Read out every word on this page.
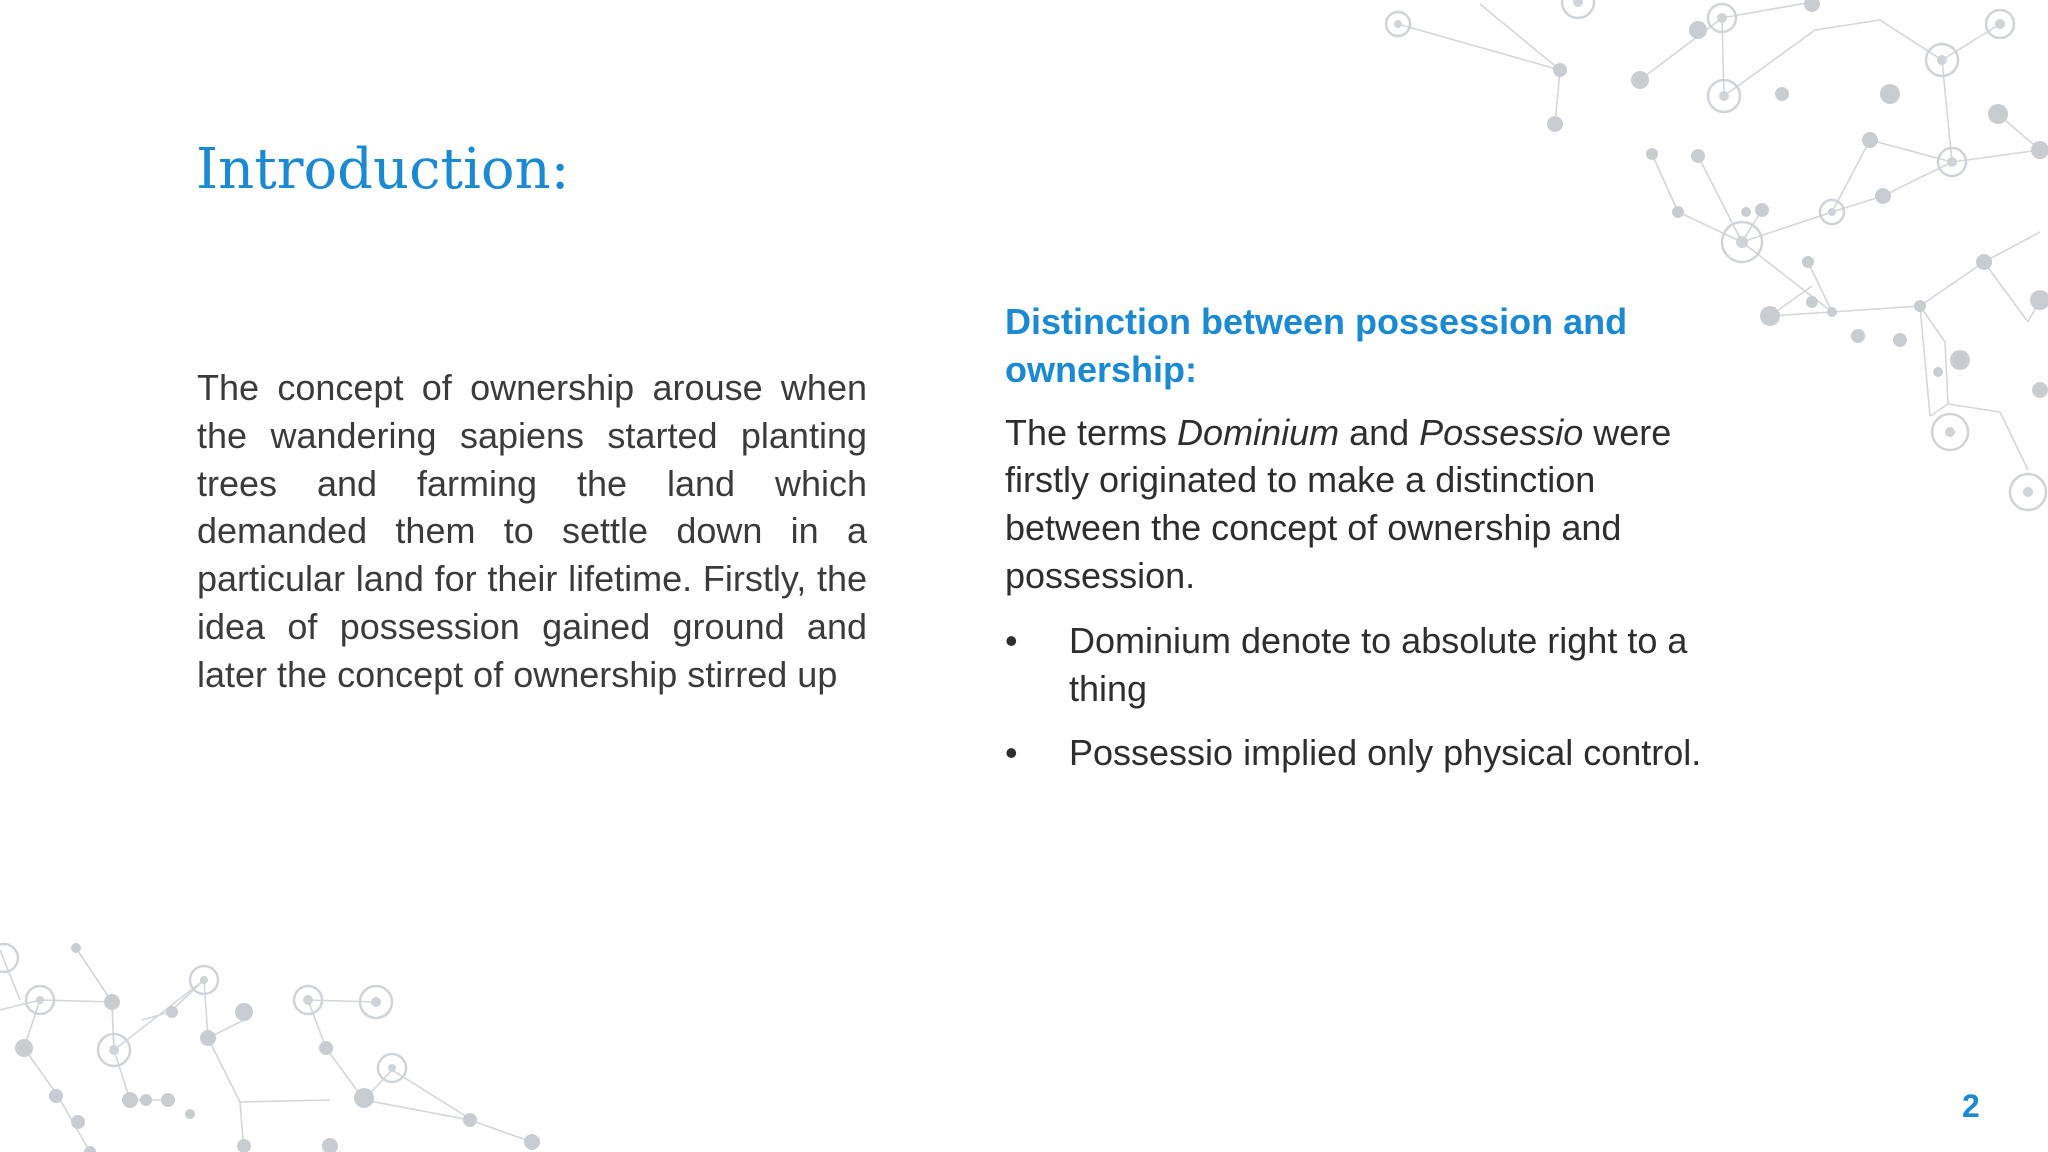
Introduction:

The concept of ownership arouse when the wandering sapiens started planting trees and farming the land which demanded them to settle down in a particular land for their lifetime. Firstly, the idea of possession gained ground and later the concept of ownership stirred up

Distinction between possession and ownership:

The terms Dominium and Possessio were firstly originated to make a distinction between the concept of ownership and possession.

• Dominium denote to absolute right to a thing
• Possessio implied only physical control.
2
